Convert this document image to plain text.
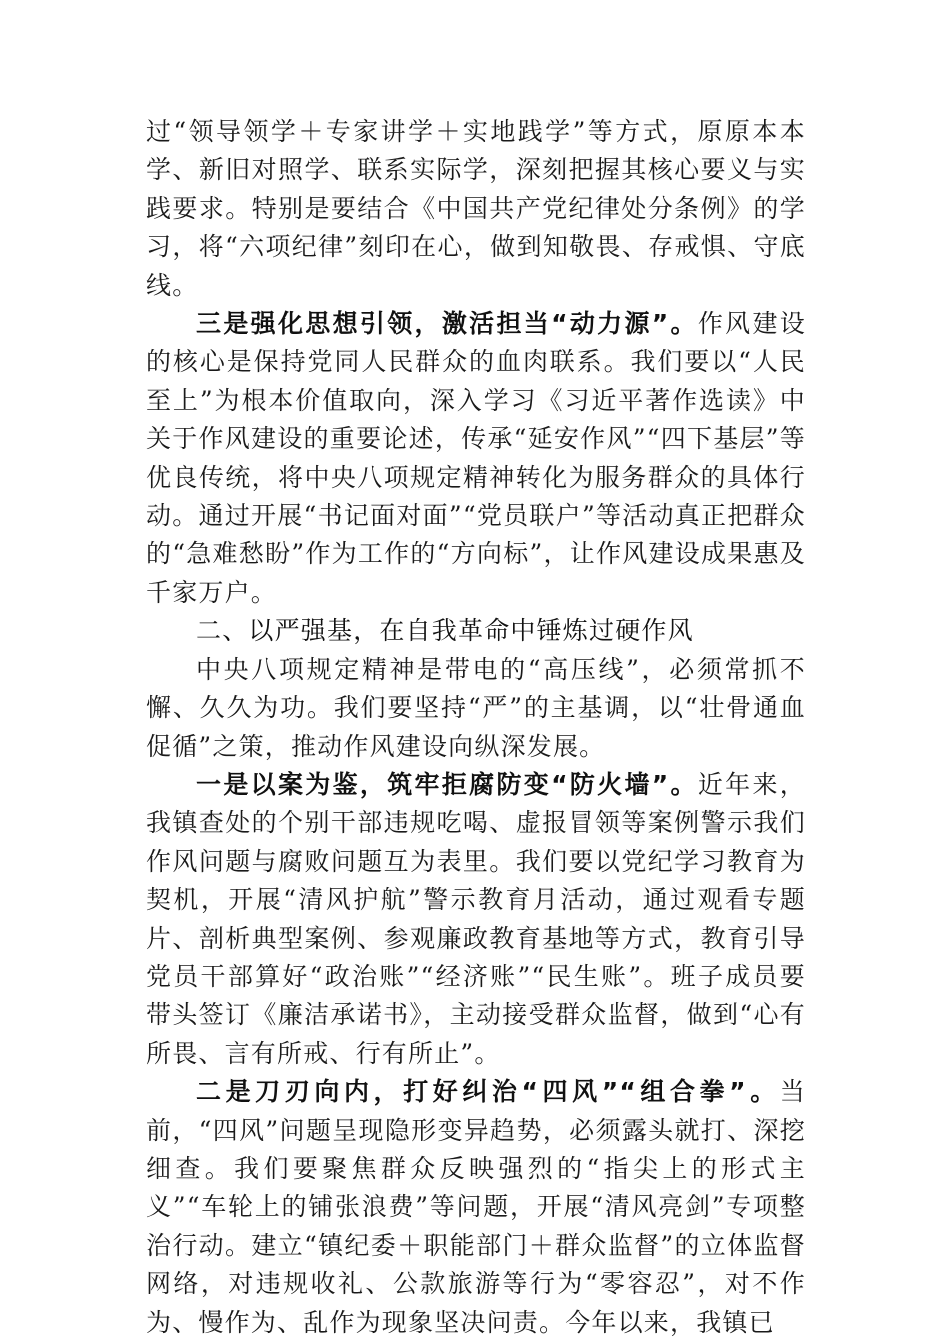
过“领导领学＋专家讲学＋实地践学”等方式，原原本本学、新旧对照学、联系实际学，深刻把握其核心要义与实践要求。特别是要结合《中国共产党纪律处分条例》的学习，将“六项纪律”刻印在心，做到知敬畏、存戒惧、守底线。

三是强化思想引领，激活担当“动力源”。作风建设的核心是保持党同人民群众的血肉联系。我们要以“人民至上”为根本价值取向，深入学习《习近平著作选读》中关于作风建设的重要论述，传承“延安作风”“四下基层”等优良传统，将中央八项规定精神转化为服务群众的具体行动。通过开展“书记面对面”“党员联户”等活动真正把群众的“急难愁盼”作为工作的“方向标”，让作风建设成果惠及千家万户。

二、以严强基，在自我革命中锤炼过硬作风

中央八项规定精神是带电的“高压线”，必须常抓不懈、久久为功。我们要坚持“严”的主基调，以“壮骨通血促循”之策，推动作风建设向纵深发展。

一是以案为鉴，筑牢拒腐防变“防火墙”。近年来，我镇查处的个别干部违规吃喝、虚报冒领等案例警示我们作风问题与腐败问题互为表里。我们要以党纪学习教育为契机，开展“清风护航”警示教育月活动，通过观看专题片、剖析典型案例、参观廉政教育基地等方式，教育引导党员干部算好“政治账”“经济账”“民生账”。班子成员要带头签订《廉洁承诺书》，主动接受群众监督，做到“心有所畏、言有所戒、行有所止”。

二是刀刃向内，打好纠治“四风”“组合拳”。当前，“四风”问题呈现隐形变异趋势，必须露头就打、深挖细查。我们要聚焦群众反映强烈的“指尖上的形式主义”“车轮上的铺张浪费”等问题，开展“清风亮剑”专项整治行动。建立“镇纪委＋职能部门＋群众监督”的立体监督网络，对违规收礼、公款旅游等行为“零容忍”，对不作为、慢作为、乱作为现象坚决问责。今年以来，我镇已
